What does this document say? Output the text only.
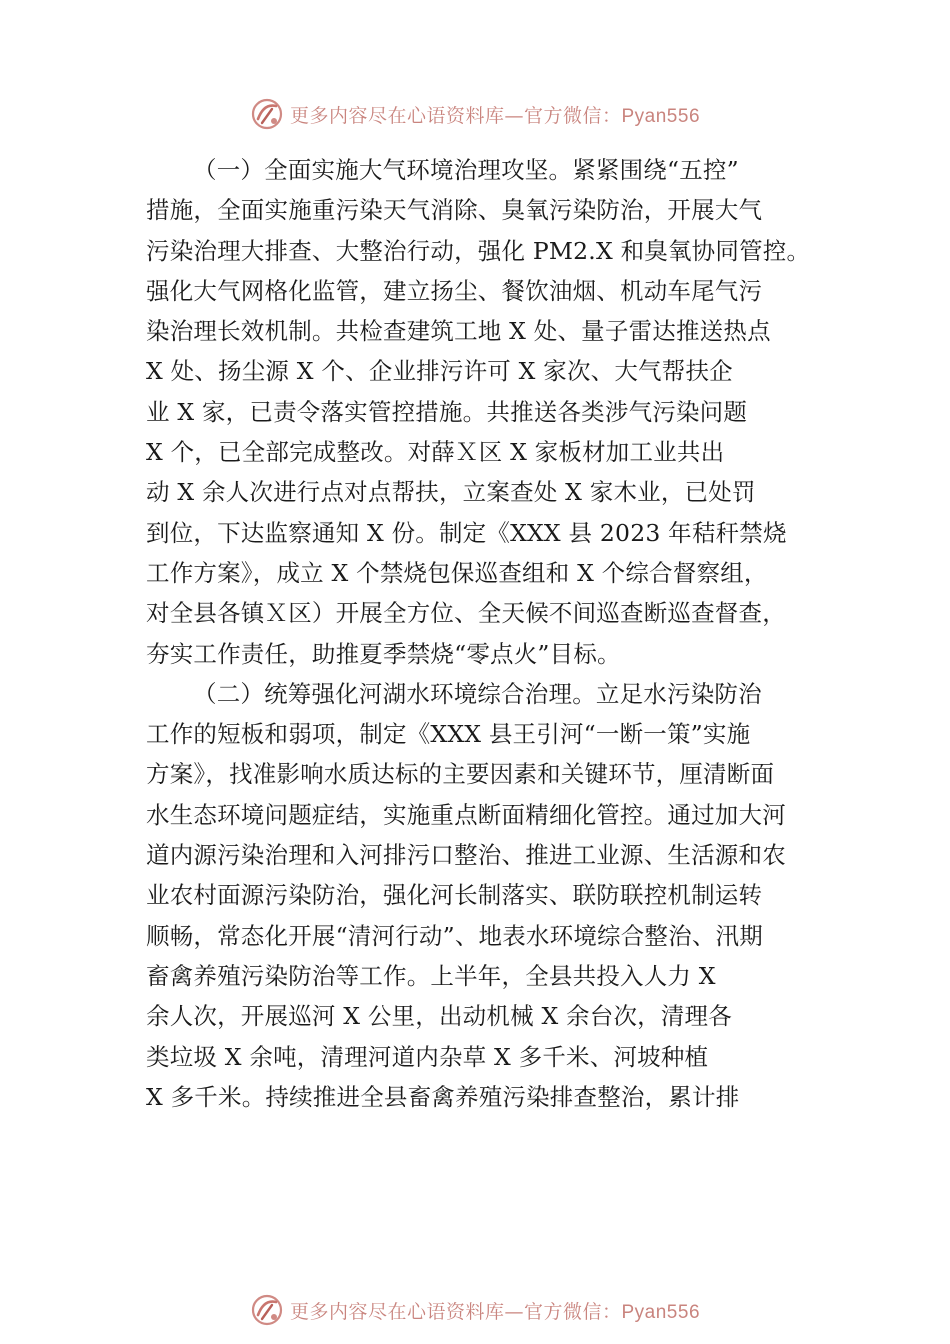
更多内容尽在心语资料库—官方微信：Pyan556
（一）全面实施大气环境治理攻坚。紧紧围绕“五控”
措施，全面实施重污染天气消除、臭氧污染防治，开展大气
污染治理大排查、大整治行动，强化 PM2.X 和臭氧协同管控。
强化大气网格化监管，建立扬尘、餐饮油烟、机动车尾气污
染治理长效机制。共检查建筑工地 X 处、量子雷达推送热点
X 处、扬尘源 X 个、企业排污许可 X 家次、大气帮扶企
业 X 家，已责令落实管控措施。共推送各类涉气污染问题
X 个，已全部完成整改。对薛Ｘ区 X 家板材加工业共出
动 X 余人次进行点对点帮扶，立案查处 X 家木业，已处罚
到位，下达监察通知 X 份。制定《XXX 县 2023 年秸秆禁烧
工作方案》，成立 X 个禁烧包保巡查组和 X 个综合督察组，
对全县各镇Ｘ区）开展全方位、全天候不间巡查断巡查督查，
夯实工作责任，助推夏季禁烧“零点火”目标。
（二）统筹强化河湖水环境综合治理。立足水污染防治
工作的短板和弱项，制定《XXX 县王引河“一断一策”实施
方案》，找准影响水质达标的主要因素和关键环节，厘清断面
水生态环境问题症结，实施重点断面精细化管控。通过加大河
道内源污染治理和入河排污口整治、推进工业源、生活源和农
业农村面源污染防治，强化河长制落实、联防联控机制运转
顺畅，常态化开展“清河行动”、地表水环境综合整治、汛期
畜禽养殖污染防治等工作。上半年，全县共投入人力 X
余人次，开展巡河 X 公里，出动机械 X 余台次，清理各
类垃圾 X 余吨，清理河道内杂草 X 多千米、河坡种植
X 多千米。持续推进全县畜禽养殖污染排查整治，累计排
更多内容尽在心语资料库—官方微信：Pyan556
